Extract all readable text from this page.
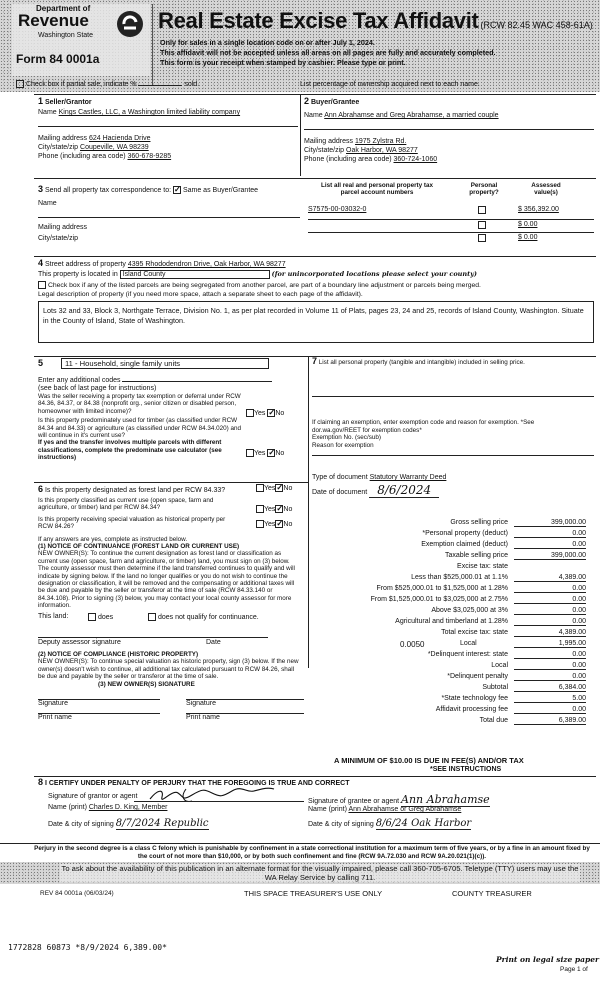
Department of
Revenue
Washington State
Form 84 0001a
Real Estate Excise Tax Affidavit (RCW 82.45 WAC 458-61A)
Only for sales in a single location code on or after July 1, 2024.
This affidavit will not be accepted unless all areas on all pages are fully and accurately completed.
This form is your receipt when stamped by cashier. Please type or print.
Check box if partial sale, indicate %	sold.	List percentage of ownership acquired next to each name.
1 Seller/Grantor
Name Kings Castles, LLC, a Washington limited liability company
Mailing address 624 Hacienda Drive
City/state/zip Coupeville, WA 98239
Phone (including area code) 360-678-9285
2 Buyer/Grantee
Name Ann Abrahamse and Greg Abrahamse, a married couple
Mailing address 1975 Zylstra Rd.
City/state/zip Oak Harbor, WA 98277
Phone (including area code) 360-724-1060
3 Send all property tax correspondence to: ✓ Same as Buyer/Grantee
Name
Mailing address
City/state/zip
List all real and personal property tax parcel account numbers
Personal property?
Assessed value(s)
S7575-00-03032-0	$ 356,392.00
$ 0.00
$ 0.00
4 Street address of property 4395 Rhododendron Drive, Oak Harbor, WA 98277
This property is located in Island County	(for unincorporated locations please select your county)
Check box if any of the listed parcels are being segregated from another parcel, are part of a boundary line adjustment or parcels being merged.
Legal description of property (if you need more space, attach a separate sheet to each page of the affidavit).
Lots 32 and 33, Block 3, Northgate Terrace, Division No. 1, as per plat recorded in Volume 11 of Plats, pages 23, 24 and 25, records of Island County, Washington. Situate in the County of Island, State of Washington.
5	11 - Household, single family units
Enter any additional codes
(see back of last page for instructions)
Was the seller receiving a property tax exemption or deferral under RCW 84.36, 84.37, or 84.38 (nonprofit org., senior citizen or disabled person, homeowner with limited income)?	Yes ✓No
Is this property predominately used for timber (as classified under RCW 84.34 and 84.33) or agriculture (as classified under RCW 84.34.020) and will continue in it's current use?
If yes and the transfer involves multiple parcels with different classifications, complete the predominate use calculator (see instructions)
Yes ✓No
6 Is this property designated as forest land per RCW 84.33?	Yes✓No
Is this property classified as current use (open space, farm and agriculture, or timber) land per RCW 84.34?	Yes✓No
Is this property receiving special valuation as historical property per RCW 84.26?	Yes✓No
If any answers are yes, complete as instructed below.
(1) NOTICE OF CONTINUANCE (FOREST LAND OR CURRENT USE)
NEW OWNER(S): To continue the current designation as forest land or classification as current use (open space, farm and agriculture, or timber) land, you must sign on (3) below. The county assessor must then determine if the land transferred continues to qualify and will indicate by signing below. If the land no longer qualifies or you do not wish to continue the designation or classification, it will be removed and the compensating or additional taxes will be due and payable by the seller or transferor at the time of sale (RCW 84.33.140 or 84.34.108). Prior to signing (3) below, you may contact your local county assessor for more information.
This land:	does	does not qualify for continuance.
Deputy assessor signature	Date
(2) NOTICE OF COMPLIANCE (HISTORIC PROPERTY)
NEW OWNER(S): To continue special valuation as historic property, sign (3) below. If the new owner(s) doesn't wish to continue, all additional tax calculated pursuant to RCW 84.26, shall be due and payable by the seller or transferor at the time of sale.
(3) NEW OWNER(S) SIGNATURE
Signature	Signature
Print name	Print name
7 List all personal property (tangible and intangible) included in selling price.
If claiming an exemption, enter exemption code and reason for exemption. *See dor.wa.gov/REET for exemption codes*
Exemption No. (sec/sub)
Reason for exemption
Type of document Statutory Warranty Deed
Date of document 8/6/2024
Gross selling price	399,000.00
*Personal property (deduct)	0.00
Exemption claimed (deduct)	0.00
Taxable selling price	399,000.00
Excise tax: state
Less than $525,000.01 at 1.1%	4,389.00
From $525,000.01 to $1,525,000 at 1.28%	0.00
From $1,525,000.01 to $3,025,000 at 2.75%	0.00
Above $3,025,000 at 3%	0.00
Agricultural and timberland at 1.28%	0.00
Total excise tax: state	4,389.00
0.0050	Local	1,995.00
*Delinquent interest: state	0.00
Local	0.00
*Delinquent penalty	0.00
Subtotal	6,384.00
*State technology fee	5.00
Affidavit processing fee	0.00
Total due	6,389.00
A MINIMUM OF $10.00 IS DUE IN FEE(S) AND/OR TAX
*SEE INSTRUCTIONS
8 I CERTIFY UNDER PENALTY OF PERJURY THAT THE FOREGOING IS TRUE AND CORRECT
Signature of grantor or agent
Name (print) Charles D. King, Member
Date & city of signing 8/7/2024 Republic
Signature of grantee or agent Ann Abrahamse
Name (print) Ann Abrahamse or Greg Abrahamse
Date & city of signing 8/6/24 Oak Harbor
Perjury in the second degree is a class C felony which is punishable by confinement in a state correctional institution for a maximum term of five years, or by a fine in an amount fixed by the court of not more than $10,000, or by both such confinement and fine (RCW 9A.72.030 and RCW 9A.20.021(1)(c)).
To ask about the availability of this publication in an alternate format for the visually impaired, please call 360-705-6705. Teletype (TTY) users may use the WA Relay Service by calling 711.
REV 84 0001a (06/03/24)	THIS SPACE TREASURER'S USE ONLY	COUNTY TREASURER
1772828 60873 *8/9/2024 6,389.00*
Print on legal size paper
Page 1 of
